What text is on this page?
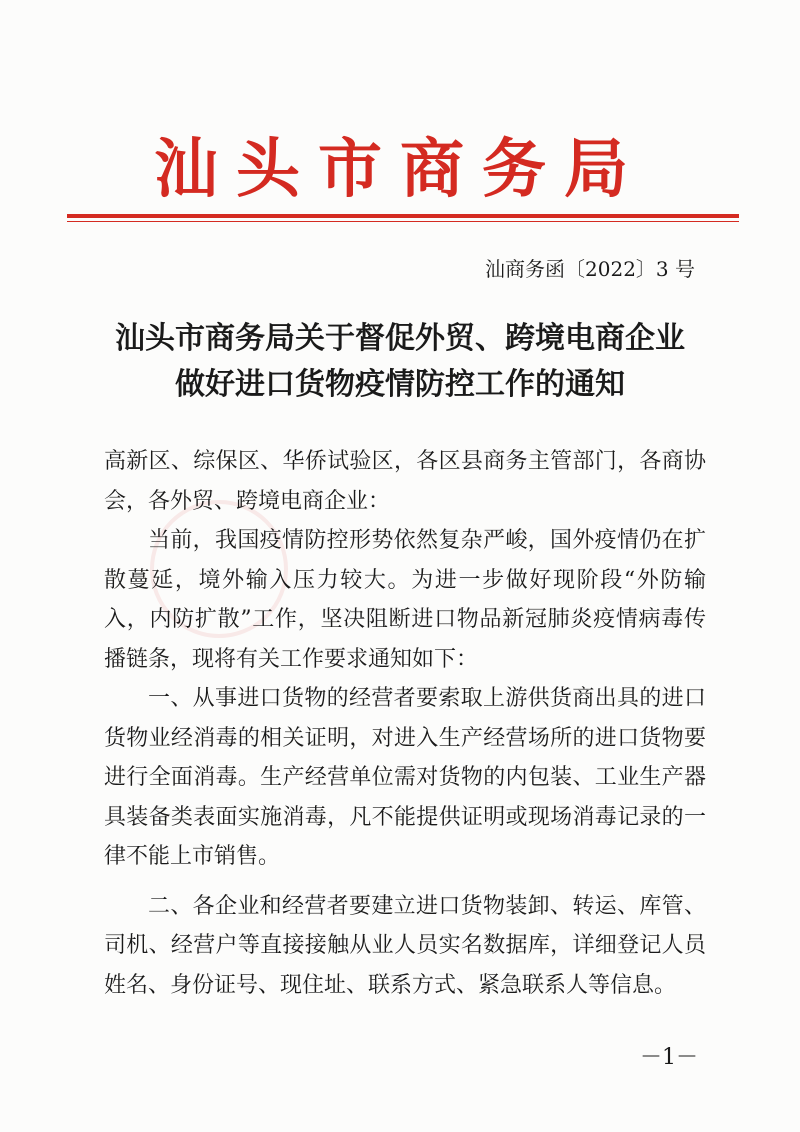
汕头市商务局

汕商务函〔2022〕3 号

汕头市商务局关于督促外贸、跨境电商企业
做好进口货物疫情防控工作的通知

高新区、综保区、华侨试验区，各区县商务主管部门，各商协会，各外贸、跨境电商企业：

当前，我国疫情防控形势依然复杂严峻，国外疫情仍在扩散蔓延，境外输入压力较大。为进一步做好现阶段“外防输入，内防扩散”工作，坚决阻断进口物品新冠肺炎疫情病毒传播链条，现将有关工作要求通知如下：

一、从事进口货物的经营者要索取上游供货商出具的进口货物业经消毒的相关证明，对进入生产经营场所的进口货物要进行全面消毒。生产经营单位需对货物的内包装、工业生产器具装备类表面实施消毒，凡不能提供证明或现场消毒记录的一律不能上市销售。

二、各企业和经营者要建立进口货物装卸、转运、库管、司机、经营户等直接接触从业人员实名数据库，详细登记人员姓名、身份证号、现住址、联系方式、紧急联系人等信息。

－1－
